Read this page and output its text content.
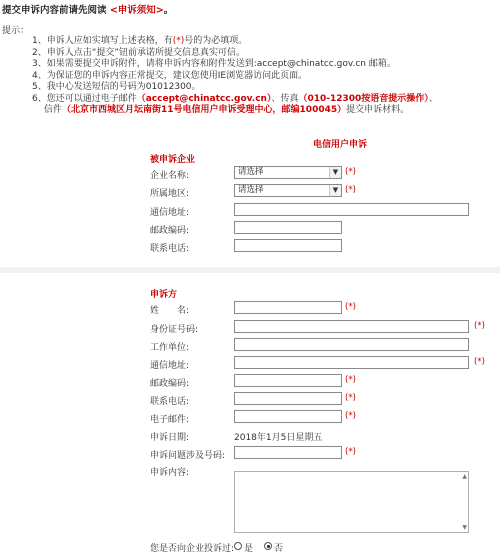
提交申诉内容前请先阅读 <申诉须知>。
提示：
1、申诉人应如实填写上述表格，有(*)号的为必填项。
2、申诉人点击“提交”钮前承诺所提交信息真实可信。
3、如果需要提交申诉附件，请将申诉内容和附件发送到:accept@chinatcc.gov.cn 邮箱。
4、为保证您的申诉内容正常提交，建议您使用IE浏览器访问此页面。
5、我中心发送短信的号码为01012300。
6、您还可以通过电子邮件（accept@chinatcc.gov.cn）、传真（010-12300按语音提示操作）、
信件（北京市西城区月坛南街11号电信用户申诉受理中心，邮编100045）提交申诉材料。
电信用户申诉
被申诉企业
企业名称:	请选择	▼ (*)
所属地区:	请选择	▼ (*)
通信地址:
邮政编码:
联系电话:
申诉方
姓　　名:	(*)
身份证号码:	(*)
工作单位:
通信地址:	(*)
邮政编码:	(*)
联系电话:	(*)
电子邮件:	(*)
申诉日期:	2018年1月5日星期五
申诉问题涉及号码:	(*)
申诉内容:	▲
▼
您是否向企业投诉过: 是 否
